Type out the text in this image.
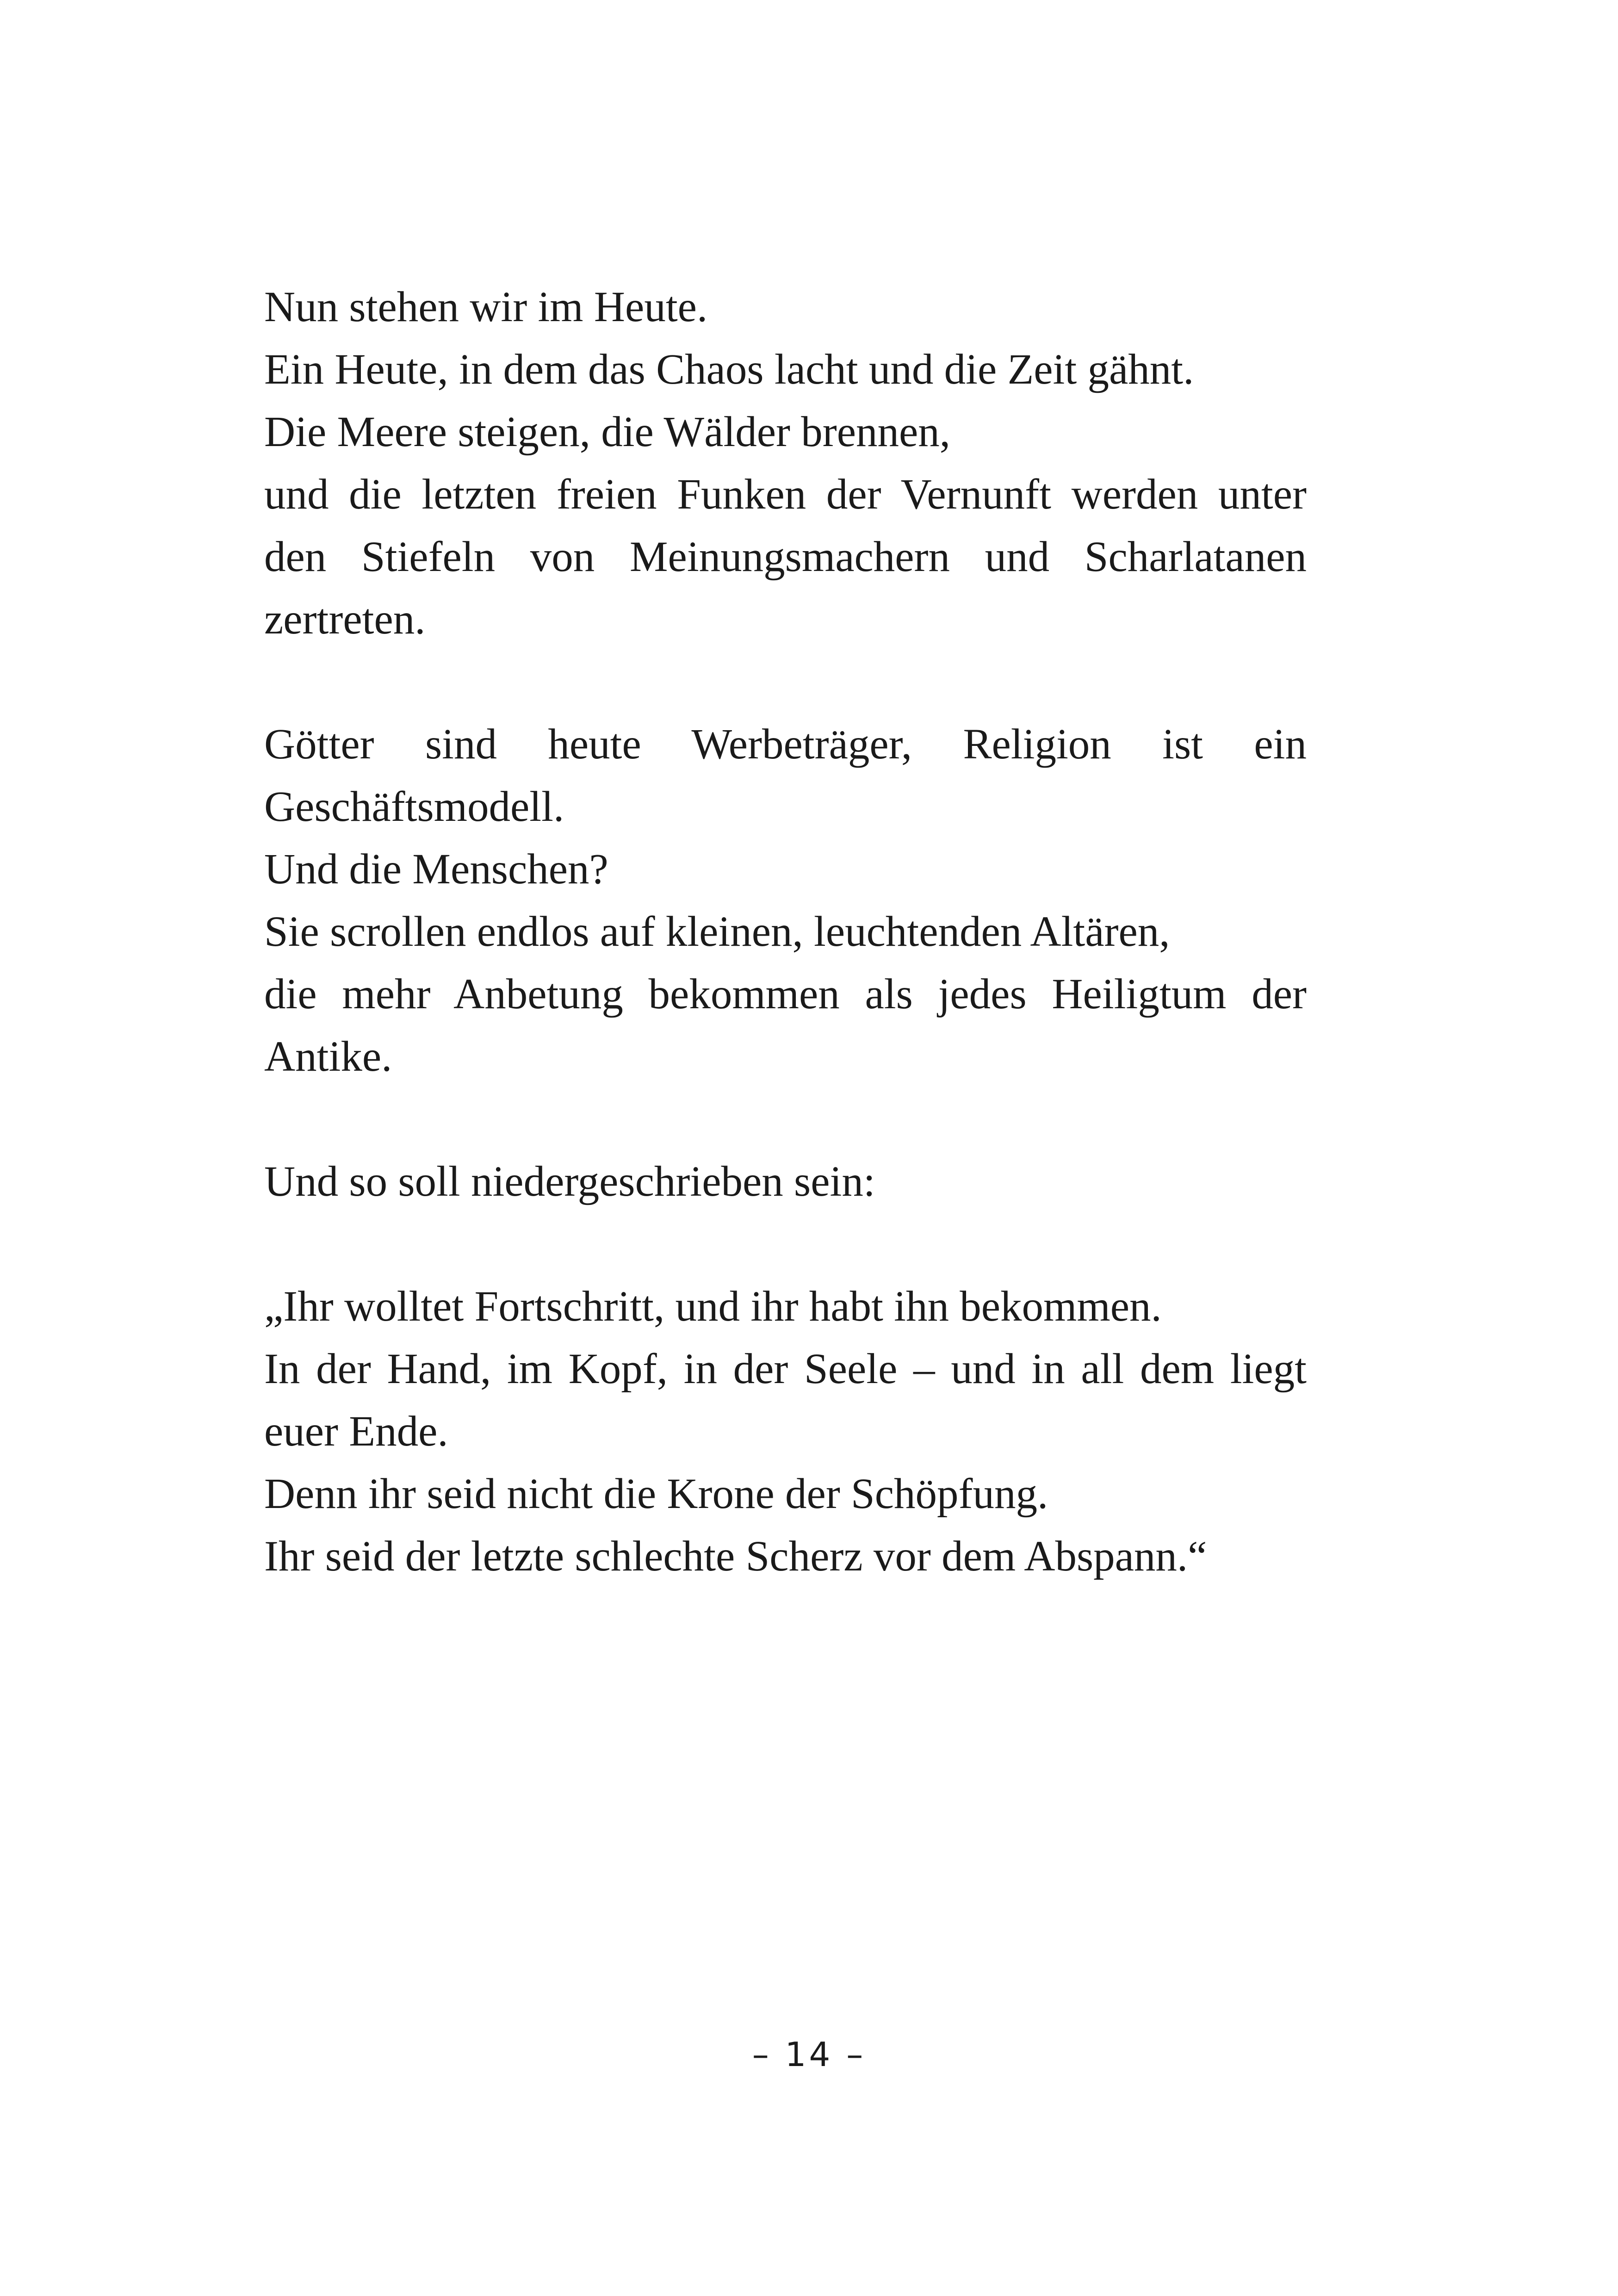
Nun stehen wir im Heute.
Ein Heute, in dem das Chaos lacht und die Zeit gähnt.
Die Meere steigen, die Wälder brennen,
und die letzten freien Funken der Vernunft werden unter
den Stiefeln von Meinungsmachern und Scharlatanen
zertreten.
Götter sind heute Werbeträger, Religion ist ein
Geschäftsmodell.
Und die Menschen?
Sie scrollen endlos auf kleinen, leuchtenden Altären,
die mehr Anbetung bekommen als jedes Heiligtum der
Antike.
Und so soll niedergeschrieben sein:
„Ihr wolltet Fortschritt, und ihr habt ihn bekommen.
In der Hand, im Kopf, in der Seele – und in all dem liegt
euer Ende.
Denn ihr seid nicht die Krone der Schöpfung.
Ihr seid der letzte schlechte Scherz vor dem Abspann.“
– 14 –
